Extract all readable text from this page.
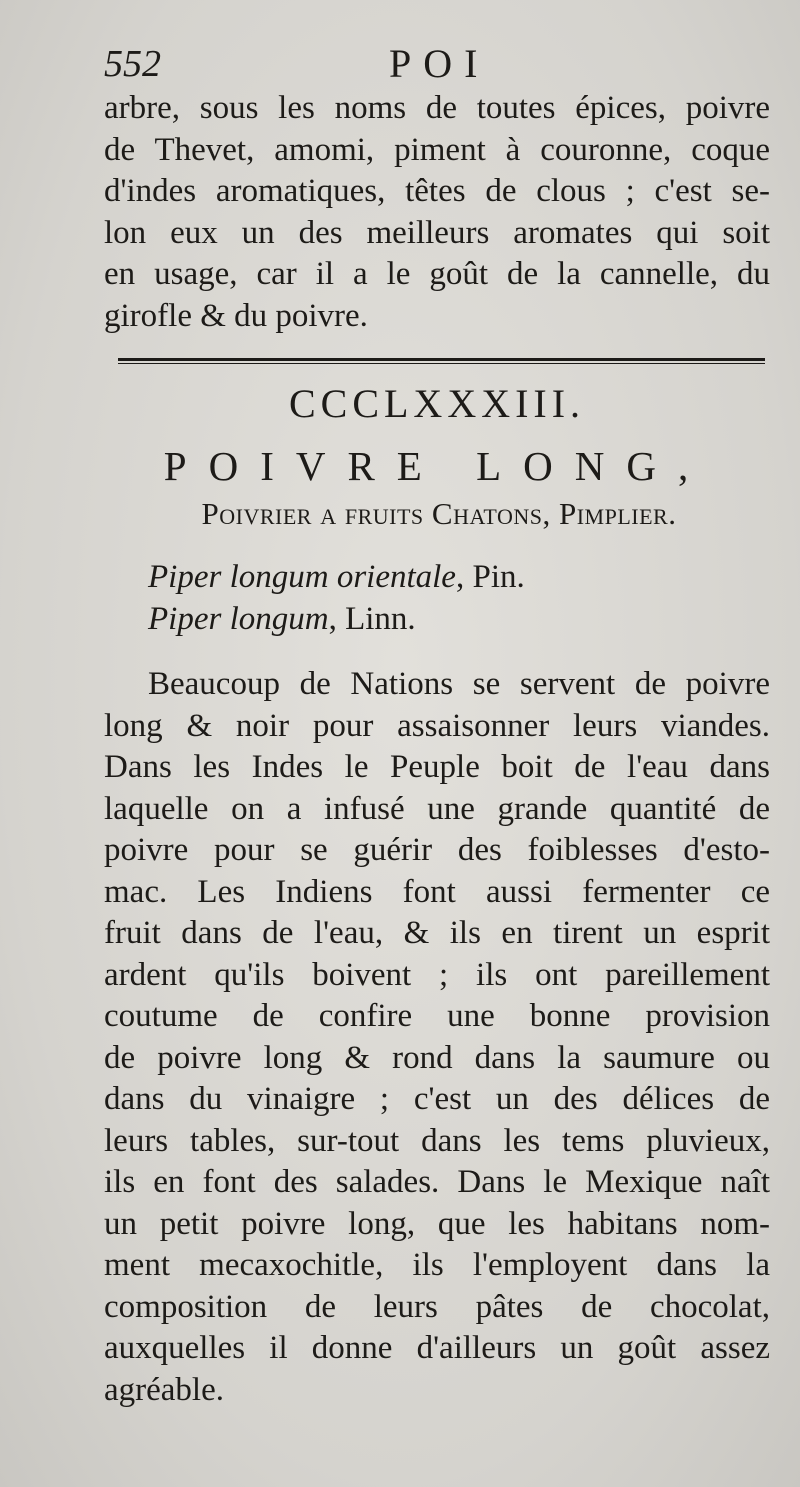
552	POI
arbre, sous les noms de toutes épices, poivre
de Thevet, amomi, piment à couronne, coque
d'indes aromatiques, têtes de clous ; c'est se-
lon eux un des meilleurs aromates qui soit
en usage, car il a le goût de la cannelle, du
girofle & du poivre.
CCCLXXXIII.
POIVRE LONG,
Poivrier a fruits Chatons, Pimplier.
Piper longum orientale, Pin.
Piper longum, Linn.
Beaucoup de Nations se servent de poivre
long & noir pour assaisonner leurs viandes.
Dans les Indes le Peuple boit de l'eau dans
laquelle on a infusé une grande quantité de
poivre pour se guérir des foiblesses d'esto-
mac. Les Indiens font aussi fermenter ce
fruit dans de l'eau, & ils en tirent un esprit
ardent qu'ils boivent ; ils ont pareillement
coutume de confire une bonne provision
de poivre long & rond dans la saumure ou
dans du vinaigre ; c'est un des délices de
leurs tables, sur-tout dans les tems pluvieux,
ils en font des salades. Dans le Mexique naît
un petit poivre long, que les habitans nom-
ment mecaxochitle, ils l'employent dans la
composition de leurs pâtes de chocolat,
auxquelles il donne d'ailleurs un goût assez
agréable.
